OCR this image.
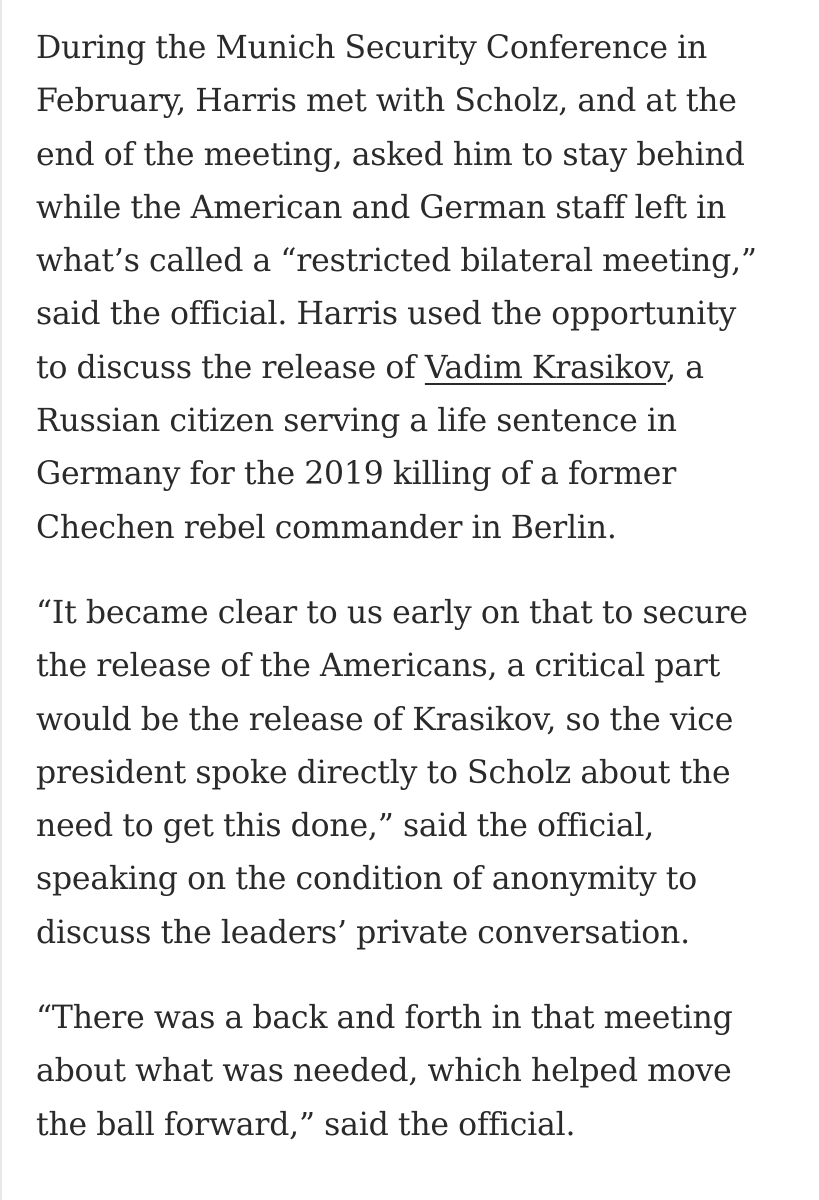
During the Munich Security Conference in
February, Harris met with Scholz, and at the
end of the meeting, asked him to stay behind
while the American and German staff left in
what’s called a “restricted bilateral meeting,”
said the official. Harris used the opportunity
to discuss the release of Vadim Krasikov, a
Russian citizen serving a life sentence in
Germany for the 2019 killing of a former
Chechen rebel commander in Berlin.

“It became clear to us early on that to secure
the release of the Americans, a critical part
would be the release of Krasikov, so the vice
president spoke directly to Scholz about the
need to get this done,” said the official,
speaking on the condition of anonymity to
discuss the leaders’ private conversation.

“There was a back and forth in that meeting
about what was needed, which helped move
the ball forward,” said the official.
